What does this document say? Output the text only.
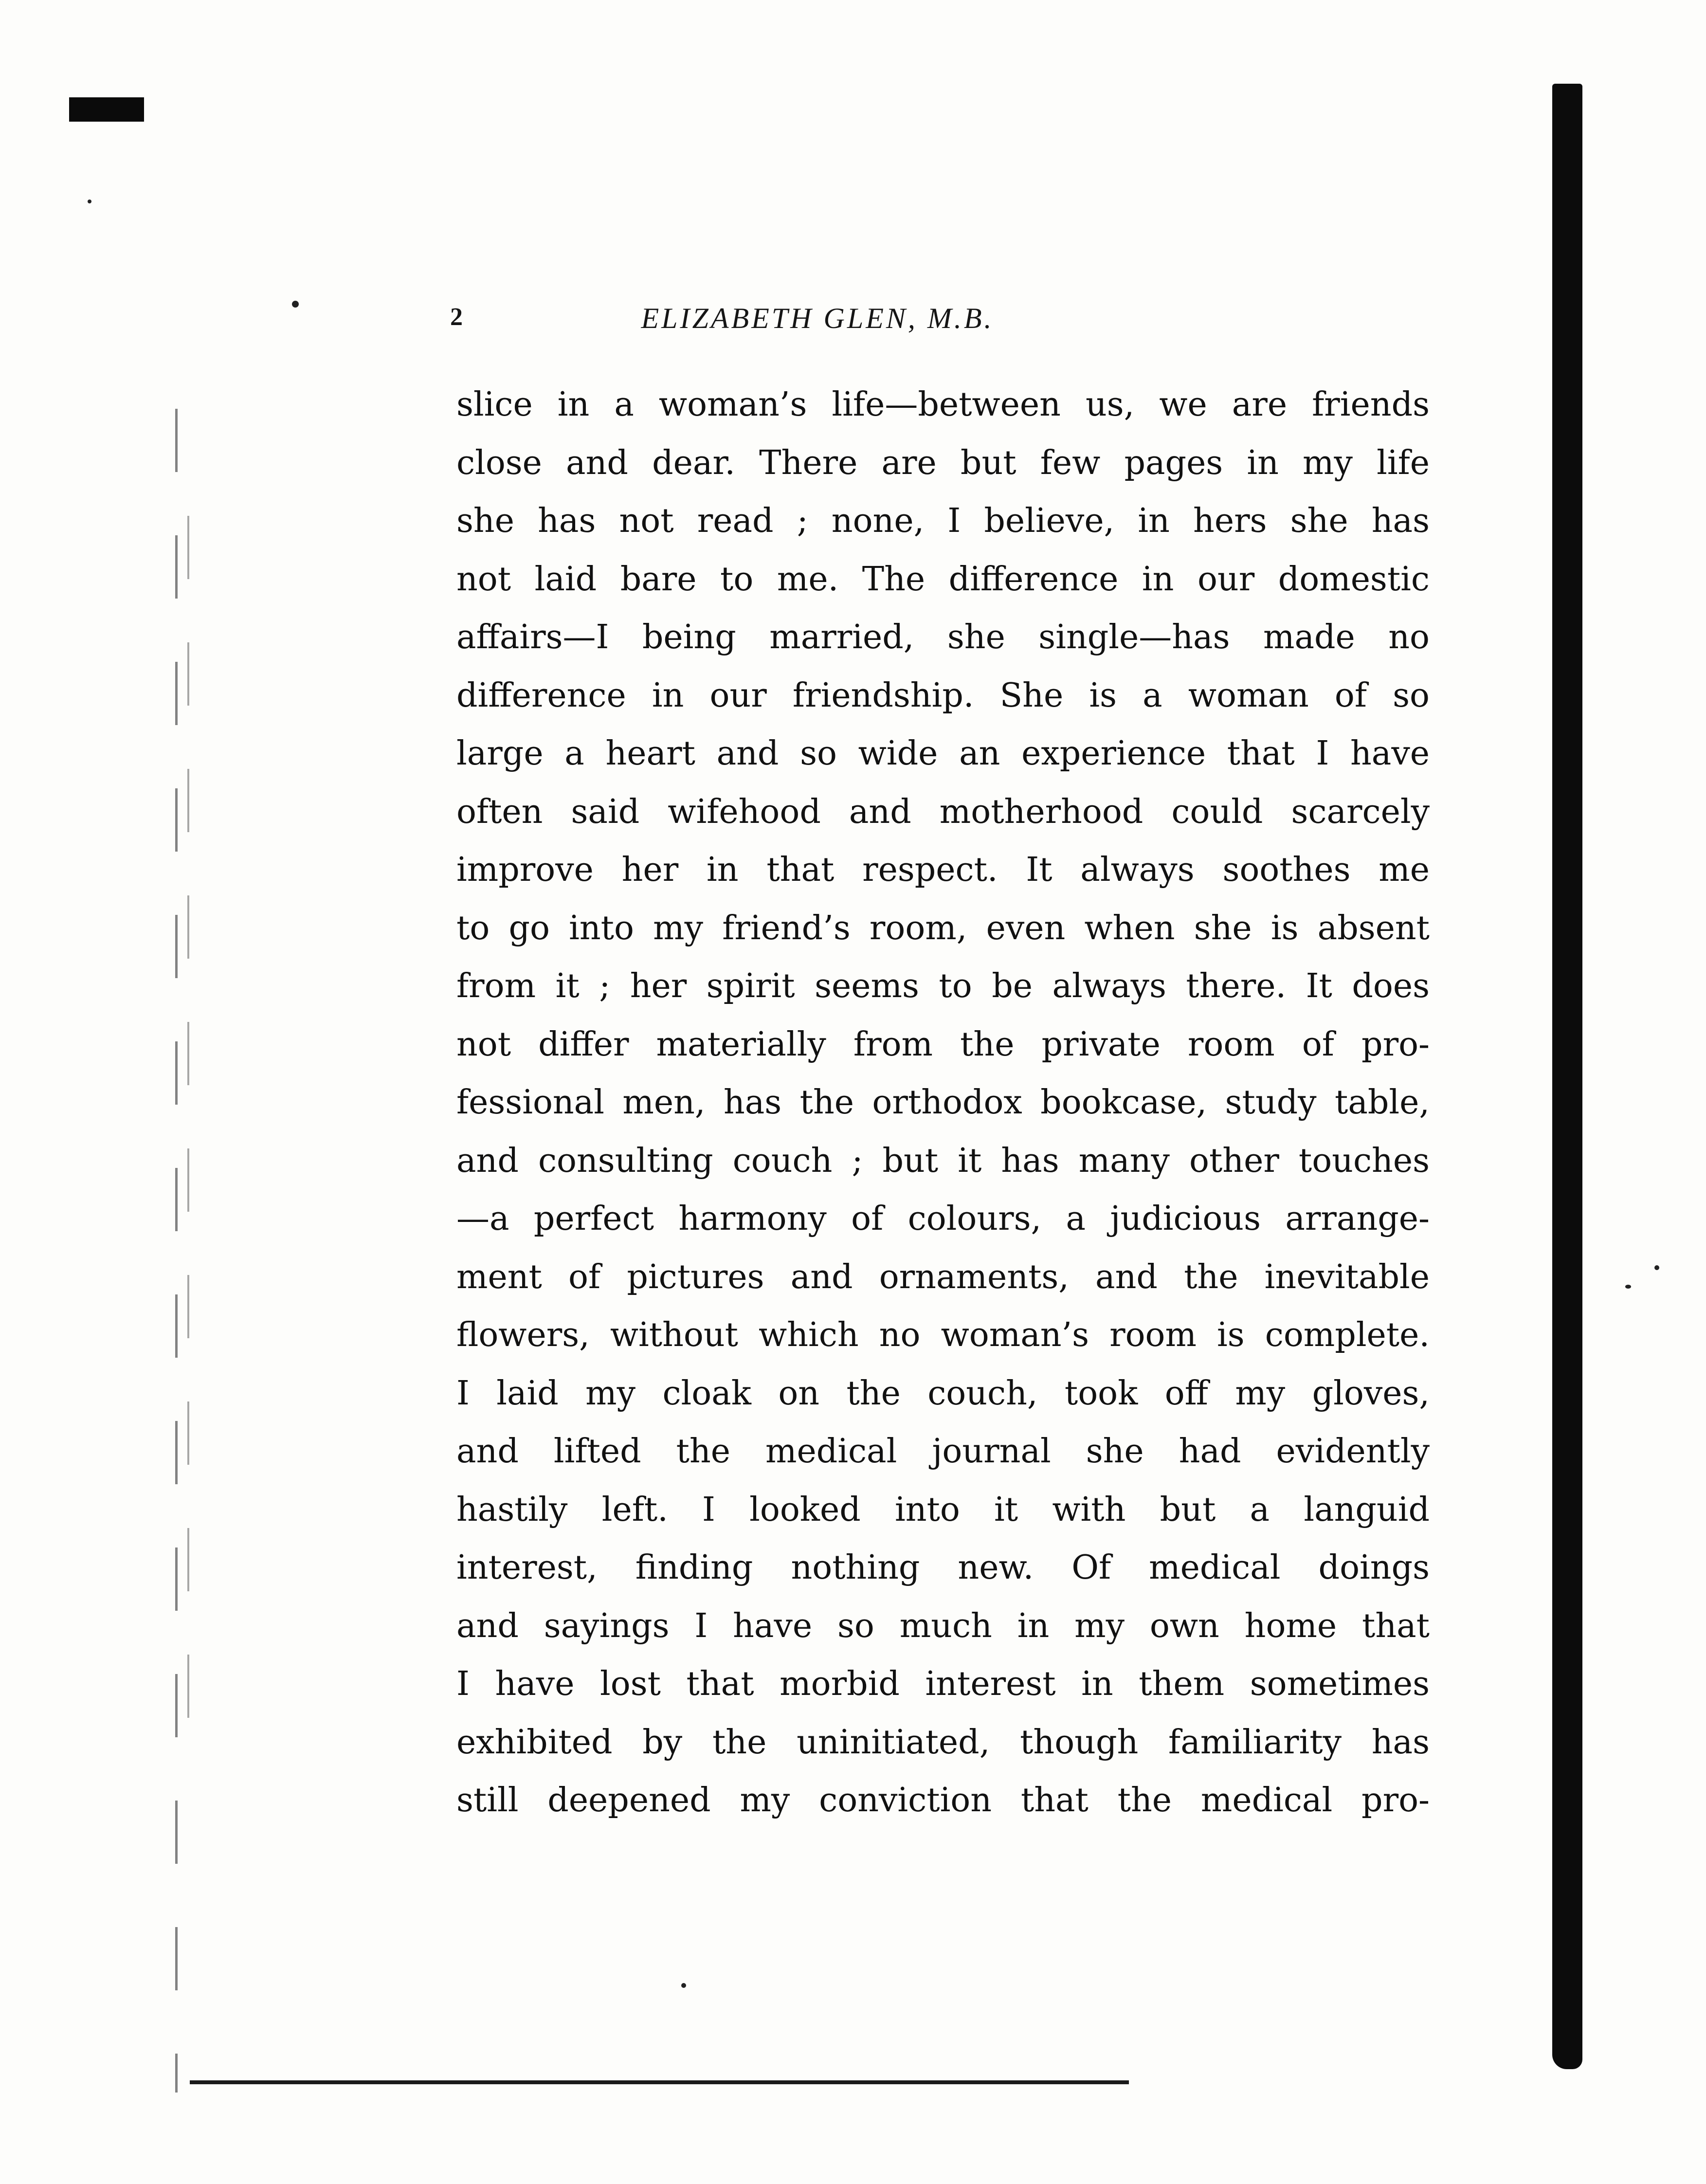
2	ELIZABETH GLEN, M.B.
slice in a woman’s life—between us, we are friends
close and dear. There are but few pages in my life
she has not read ; none, I believe, in hers she has
not laid bare to me. The difference in our domestic
affairs—I being married, she single—has made no
difference in our friendship. She is a woman of so
large a heart and so wide an experience that I have
often said wifehood and motherhood could scarcely
improve her in that respect. It always soothes me
to go into my friend’s room, even when she is absent
from it ; her spirit seems to be always there. It does
not differ materially from the private room of pro-
fessional men, has the orthodox bookcase, study table,
and consulting couch ; but it has many other touches
—a perfect harmony of colours, a judicious arrange-
ment of pictures and ornaments, and the inevitable
flowers, without which no woman’s room is complete.
I laid my cloak on the couch, took off my gloves,
and lifted the medical journal she had evidently
hastily left. I looked into it with but a languid
interest, finding nothing new. Of medical doings
and sayings I have so much in my own home that
I have lost that morbid interest in them sometimes
exhibited by the uninitiated, though familiarity has
still deepened my conviction that the medical pro-
